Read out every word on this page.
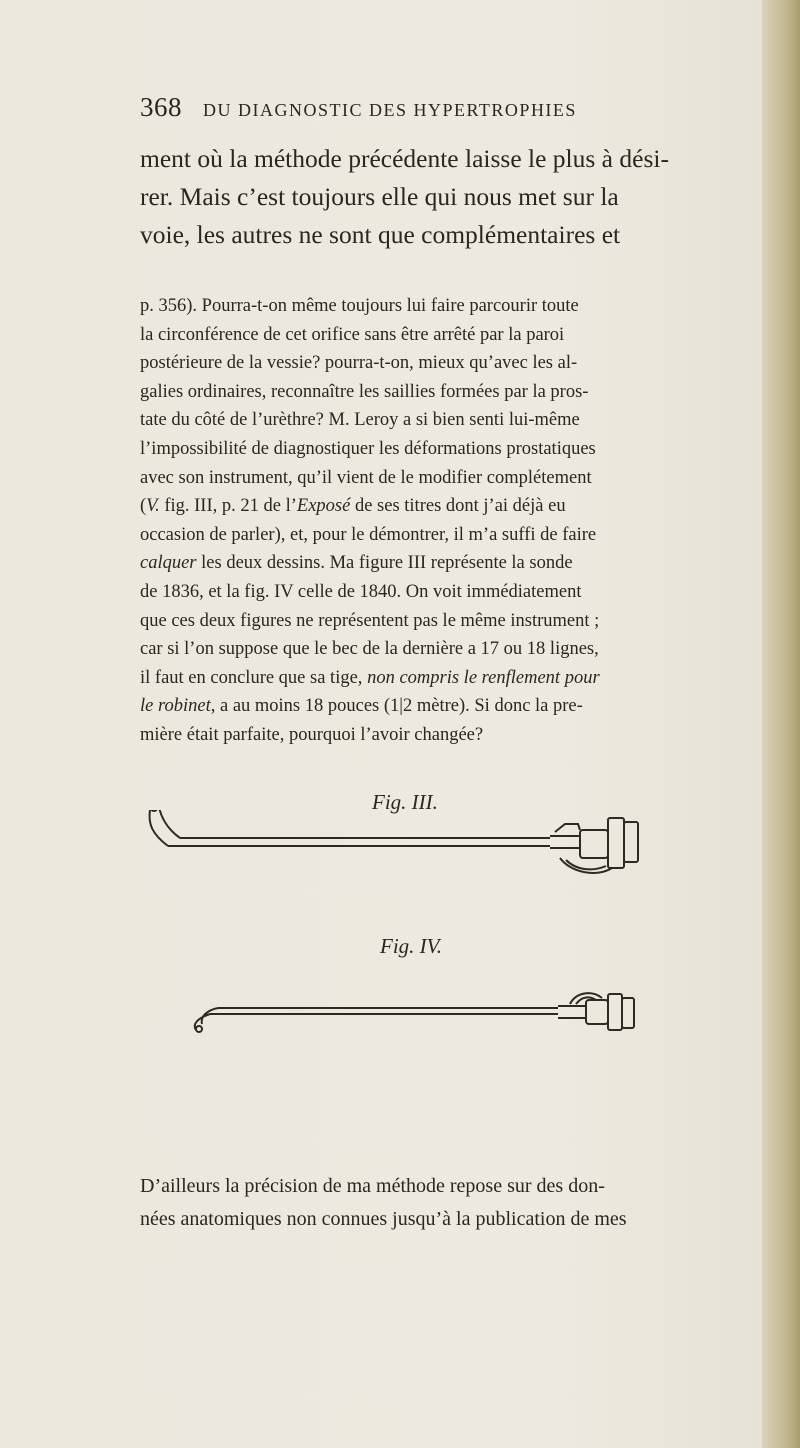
368 DU DIAGNOSTIC DES HYPERTROPHIES

ment où la méthode précédente laisse le plus à dési-

rer. Mais c’est toujours elle qui nous met sur la

voie, les autres ne sont que complémentaires et

p. 356). Pourra-t-on même toujours lui faire parcourir toute

la circonférence de cet orifice sans être arrêté par la paroi

postérieure de la vessie? pourra-t-on, mieux qu’avec les al-

galies ordinaires, reconnaître les saillies formées par la pros-

tate du côté de l’urèthre? M. Leroy a si bien senti lui-même

l’impossibilité de diagnostiquer les déformations prostatiques

avec son instrument, qu’il vient de le modifier complétement

(V. fig. III, p. 21 de l’Exposé de ses titres dont j’ai déjà eu

occasion de parler), et, pour le démontrer, il m’a suffi de faire

calquer les deux dessins. Ma figure III représente la sonde

de 1836, et la fig. IV celle de 1840. On voit immédiatement

que ces deux figures ne représentent pas le même instrument ;

car si l’on suppose que le bec de la dernière a 17 ou 18 lignes,

il faut en conclure que sa tige, non compris le renflement pour

le robinet, a au moins 18 pouces (1|2 mètre). Si donc la pre-

mière était parfaite, pourquoi l’avoir changée?

Fig. III.
Fig. IV.

D’ailleurs la précision de ma méthode repose sur des don-

nées anatomiques non connues jusqu’à la publication de mes
